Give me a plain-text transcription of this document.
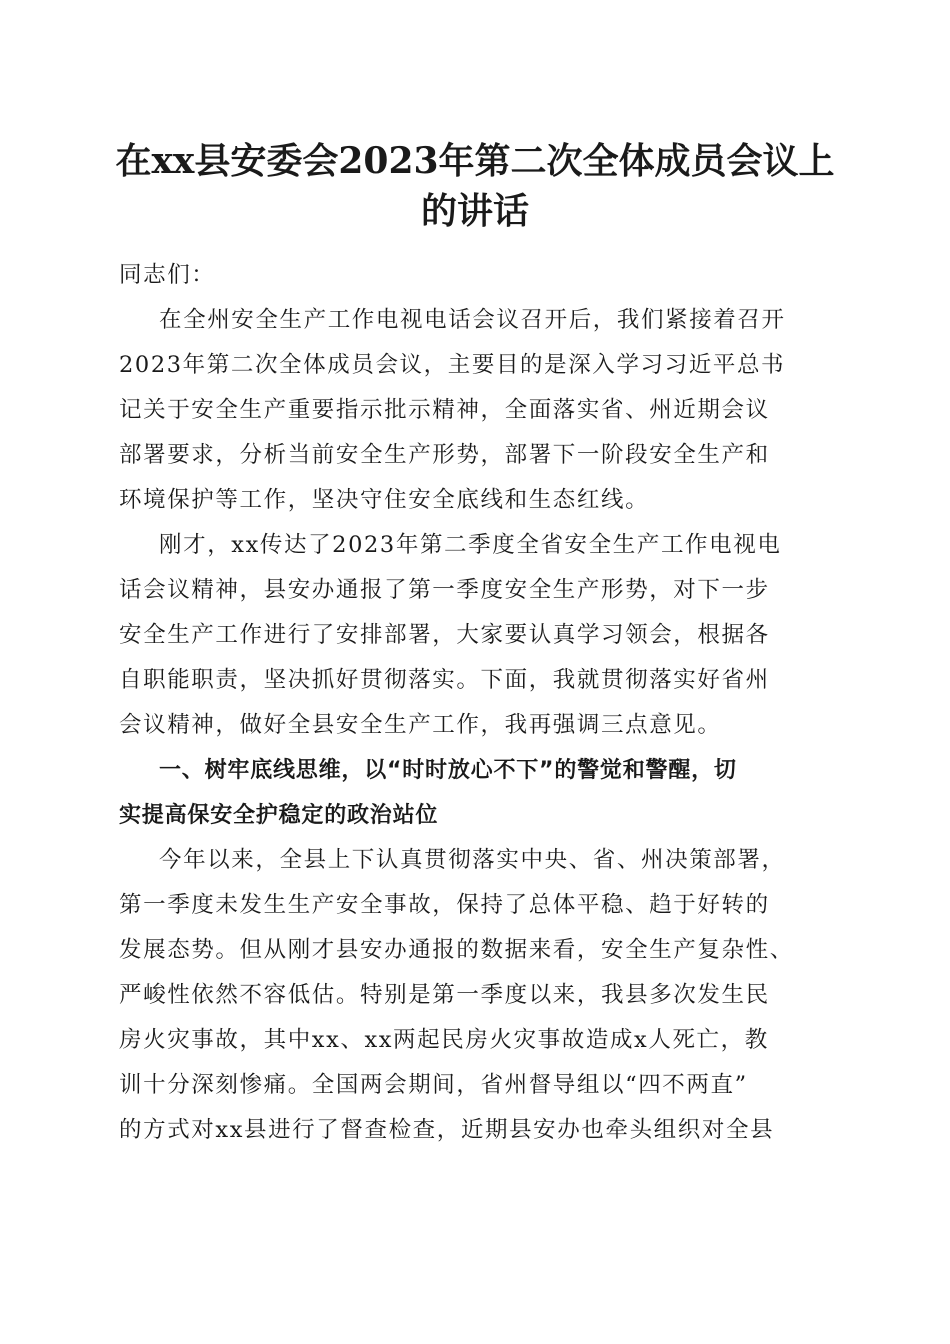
在xx县安委会2023年第二次全体成员会议上
的讲话

同志们：

在全州安全生产工作电视电话会议召开后，我们紧接着召开
2023年第二次全体成员会议，主要目的是深入学习习近平总书
记关于安全生产重要指示批示精神，全面落实省、州近期会议
部署要求，分析当前安全生产形势，部署下一阶段安全生产和
环境保护等工作，坚决守住安全底线和生态红线。

刚才，xx传达了2023年第二季度全省安全生产工作电视电
话会议精神，县安办通报了第一季度安全生产形势，对下一步
安全生产工作进行了安排部署，大家要认真学习领会，根据各
自职能职责，坚决抓好贯彻落实。下面，我就贯彻落实好省州
会议精神，做好全县安全生产工作，我再强调三点意见。

一、树牢底线思维，以“时时放心不下”的警觉和警醒，切
实提高保安全护稳定的政治站位

今年以来，全县上下认真贯彻落实中央、省、州决策部署，
第一季度未发生生产安全事故，保持了总体平稳、趋于好转的
发展态势。但从刚才县安办通报的数据来看，安全生产复杂性、
严峻性依然不容低估。特别是第一季度以来，我县多次发生民
房火灾事故，其中xx、xx两起民房火灾事故造成x人死亡，教
训十分深刻惨痛。全国两会期间，省州督导组以“四不两直”
的方式对xx县进行了督查检查，近期县安办也牵头组织对全县
